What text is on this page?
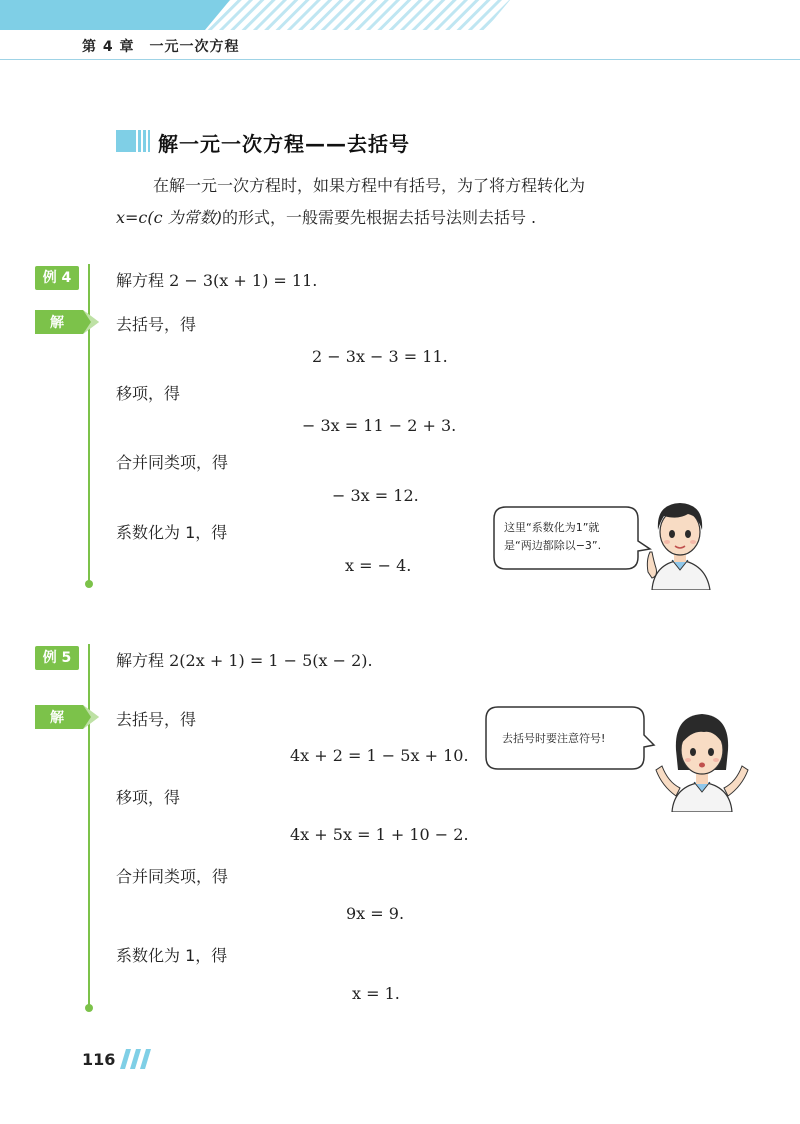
第 4 章　一元一次方程
解一元一次方程——去括号
在解一元一次方程时，如果方程中有括号，为了将方程转化为
x=c(c 为常数)的形式，一般需要先根据去括号法则去括号 .
例 4
解
解方程 2 − 3(x + 1) = 11.
去括号，得
2 − 3x − 3 = 11.
移项，得
− 3x = 11 − 2 + 3.
合并同类项，得
− 3x = 12.
系数化为 1，得
x = − 4.
这里“系数化为1”就
是“两边都除以−3”.
例 5
解
解方程 2(2x + 1) = 1 − 5(x − 2).
去括号，得
4x + 2 = 1 − 5x + 10.
移项，得
4x + 5x = 1 + 10 − 2.
合并同类项，得
9x = 9.
系数化为 1，得
x = 1.
去括号时要注意符号!
116
